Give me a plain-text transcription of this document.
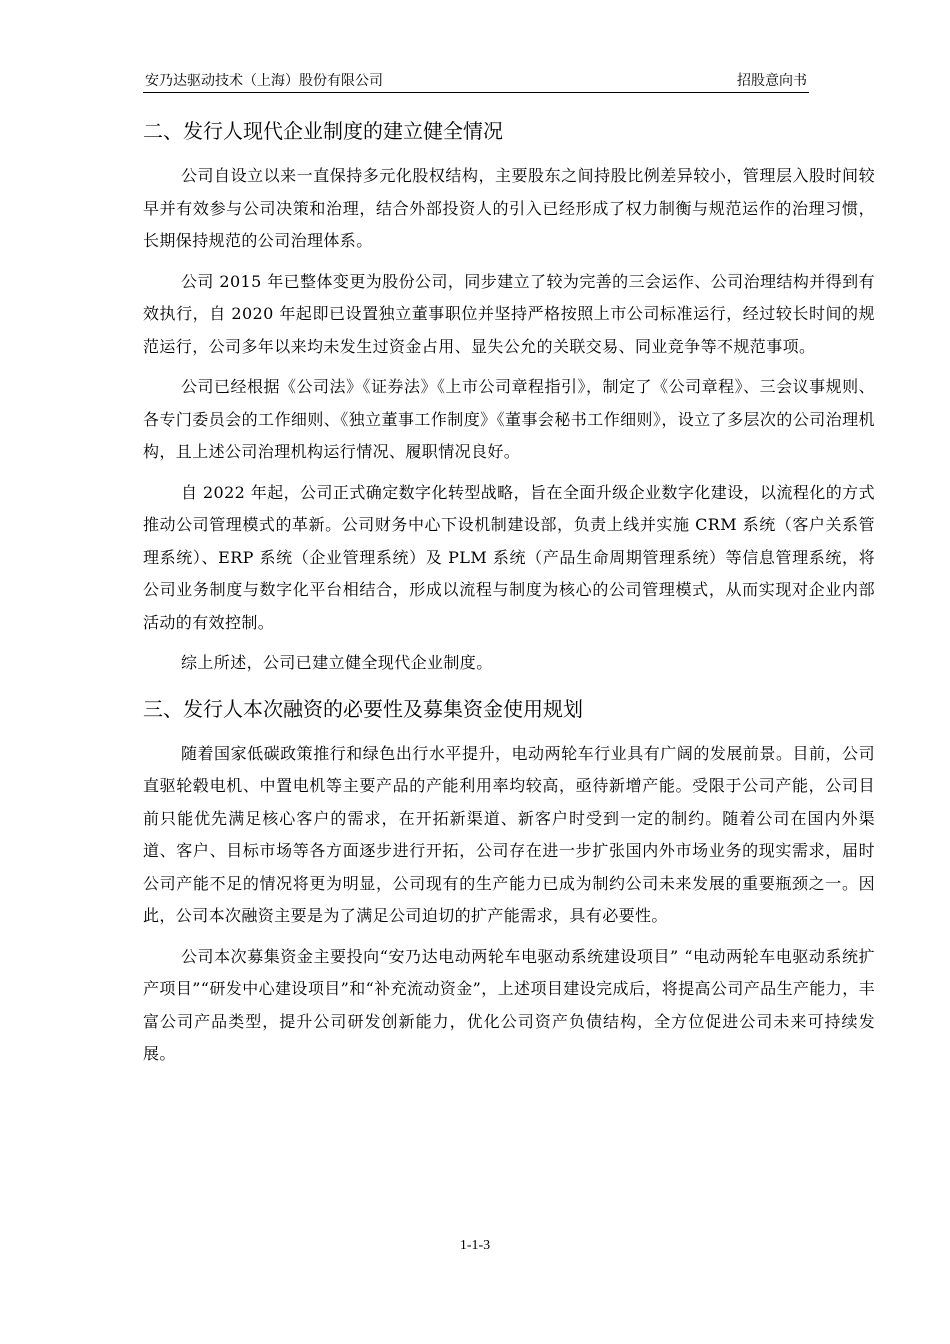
安乃达驱动技术（上海）股份有限公司	招股意向书
二、发行人现代企业制度的建立健全情况

公司自设立以来一直保持多元化股权结构，主要股东之间持股比例差异较小，管理层入股时间较早并有效参与公司决策和治理，结合外部投资人的引入已经形成了权力制衡与规范运作的治理习惯，长期保持规范的公司治理体系。

公司 2015 年已整体变更为股份公司，同步建立了较为完善的三会运作、公司治理结构并得到有效执行，自 2020 年起即已设置独立董事职位并坚持严格按照上市公司标准运行，经过较长时间的规范运行，公司多年以来均未发生过资金占用、显失公允的关联交易、同业竞争等不规范事项。

公司已经根据《公司法》《证券法》《上市公司章程指引》，制定了《公司章程》、三会议事规则、各专门委员会的工作细则、《独立董事工作制度》《董事会秘书工作细则》，设立了多层次的公司治理机构，且上述公司治理机构运行情况、履职情况良好。

自 2022 年起，公司正式确定数字化转型战略，旨在全面升级企业数字化建设，以流程化的方式推动公司管理模式的革新。公司财务中心下设机制建设部，负责上线并实施 CRM 系统（客户关系管理系统）、ERP 系统（企业管理系统）及 PLM 系统（产品生命周期管理系统）等信息管理系统，将公司业务制度与数字化平台相结合，形成以流程与制度为核心的公司管理模式，从而实现对企业内部活动的有效控制。

综上所述，公司已建立健全现代企业制度。

三、发行人本次融资的必要性及募集资金使用规划

随着国家低碳政策推行和绿色出行水平提升，电动两轮车行业具有广阔的发展前景。目前，公司直驱轮毂电机、中置电机等主要产品的产能利用率均较高，亟待新增产能。受限于公司产能，公司目前只能优先满足核心客户的需求，在开拓新渠道、新客户时受到一定的制约。随着公司在国内外渠道、客户、目标市场等各方面逐步进行开拓，公司存在进一步扩张国内外市场业务的现实需求，届时公司产能不足的情况将更为明显，公司现有的生产能力已成为制约公司未来发展的重要瓶颈之一。因此，公司本次融资主要是为了满足公司迫切的扩产能需求，具有必要性。

公司本次募集资金主要投向“安乃达电动两轮车电驱动系统建设项目” “电动两轮车电驱动系统扩产项目”“研发中心建设项目”和“补充流动资金”，上述项目建设完成后，将提高公司产品生产能力，丰富公司产品类型，提升公司研发创新能力，优化公司资产负债结构，全方位促进公司未来可持续发展。

1-1-3
